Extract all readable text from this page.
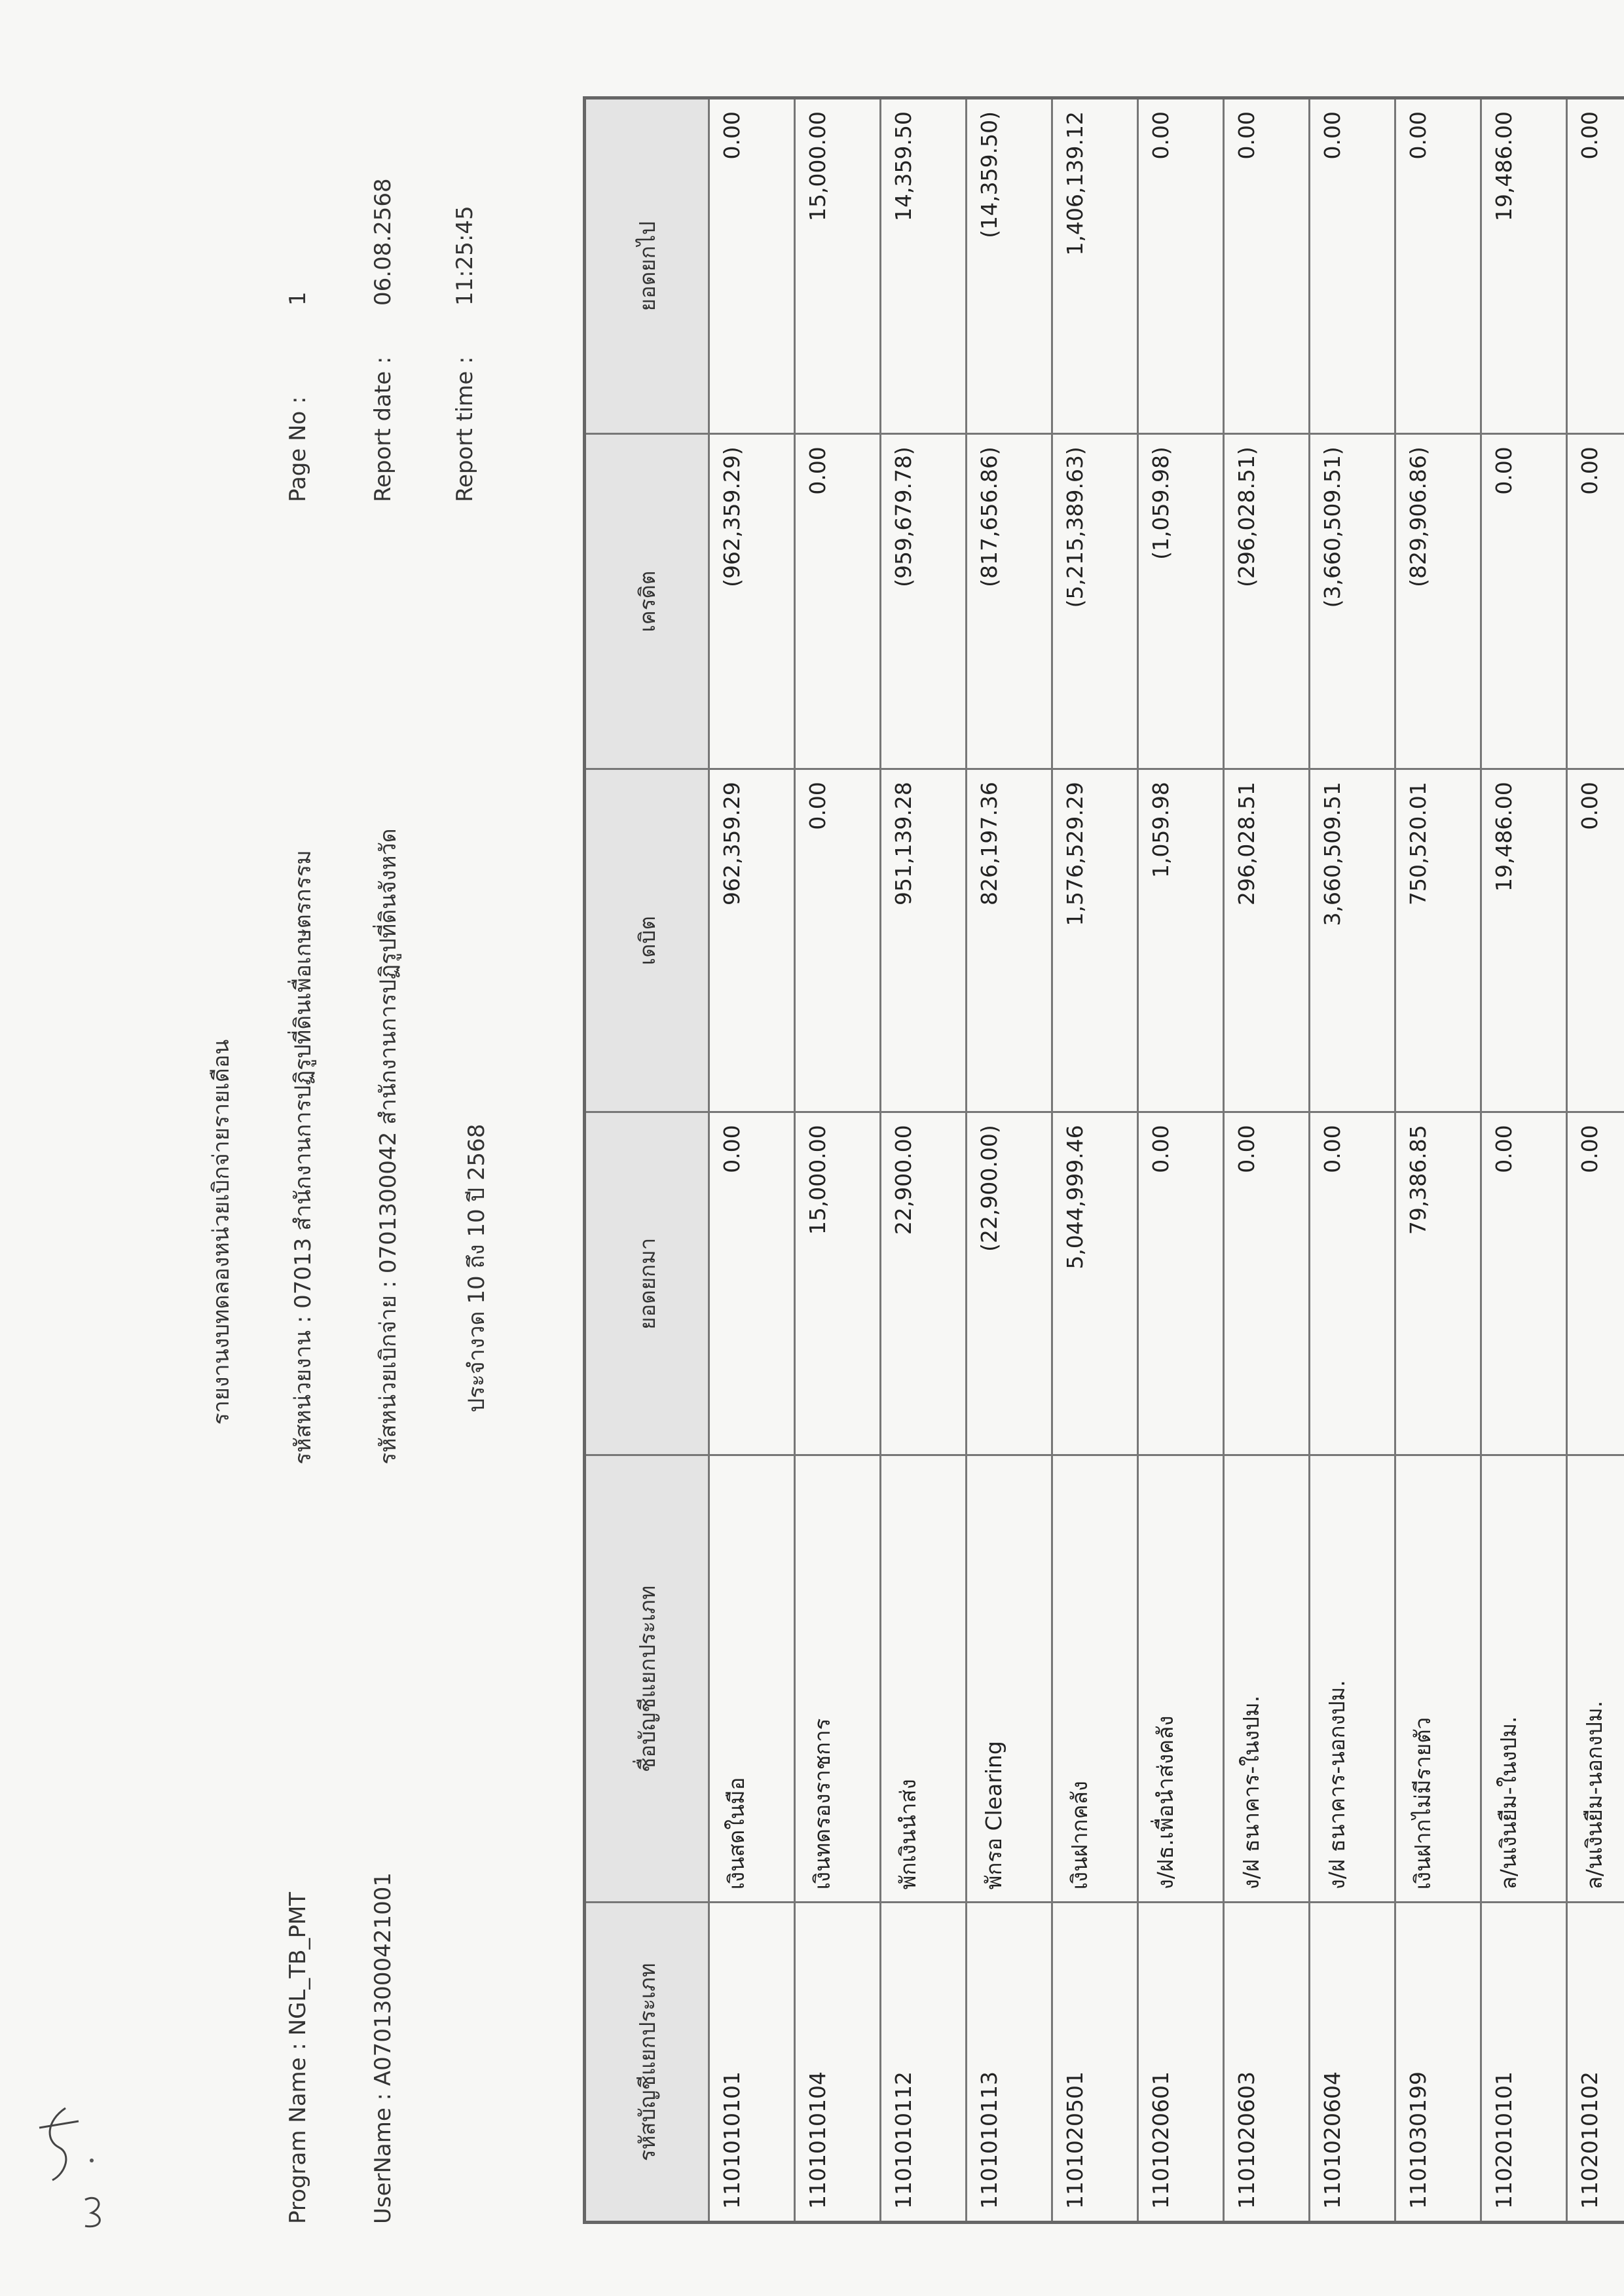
Program Name : NGL_TB_PMT	UserName : A0701300042​1001
รายงานงบทดลองหน่วยเบิกจ่ายรายเดือน	รหัสหน่วยงาน : 07013 สำนักงานการปฏิรูปที่ดินเพื่อเกษตรกรรม	รหัสหน่วยเบิกจ่าย : 0701300042 สำนักงานการปฏิรูปที่ดินจังหวัด	ประจำงวด 10 ถึง 10 ปี 2568
Page No :
1
Report date :
06.08.2568
Report time :
11:25:45
รหัสบัญชีแยกประเภท	ชื่อบัญชีแยกประเภท	ยอดยกมา	เดบิต	เครดิต	ยอดยกไป
1101010101	เงินสดในมือ	0.00	962,359.29	(962,359.29)	0.00
1101010104	เงินทดรองราชการ	15,000.00	0.00	0.00	15,000.00
1101010112	พักเงินนำส่ง	22,900.00	951,139.28	(959,679.78)	14,359.50
1101010113	พักรอ Clearing	(22,900.00)	826,197.36	(817,656.86)	(14,359.50)
1101020501	เงินฝากคลัง	5,044,999.46	1,576,529.29	(5,215,389.63)	1,406,139.12
1101020601	ง/ฝธ.เพื่อนำส่งคลัง	0.00	1,059.98	(1,059.98)	0.00
1101020603	ง/ฝ ธนาคาร-ในงปม.	0.00	296,028.51	(296,028.51)	0.00
1101020604	ง/ฝ ธนาคาร-นอกงปม.	0.00	3,660,509.51	(3,660,509.51)	0.00
1101030199	เงินฝากไม่มีรายตัว	79,386.85	750,520.01	(829,906.86)	0.00
1102010101	ล/นเงินยืม-ในงปม.	0.00	19,486.00	0.00	19,486.00
1102010102	ล/นเงินยืม-นอกงปม.	0.00	0.00	0.00	0.00
